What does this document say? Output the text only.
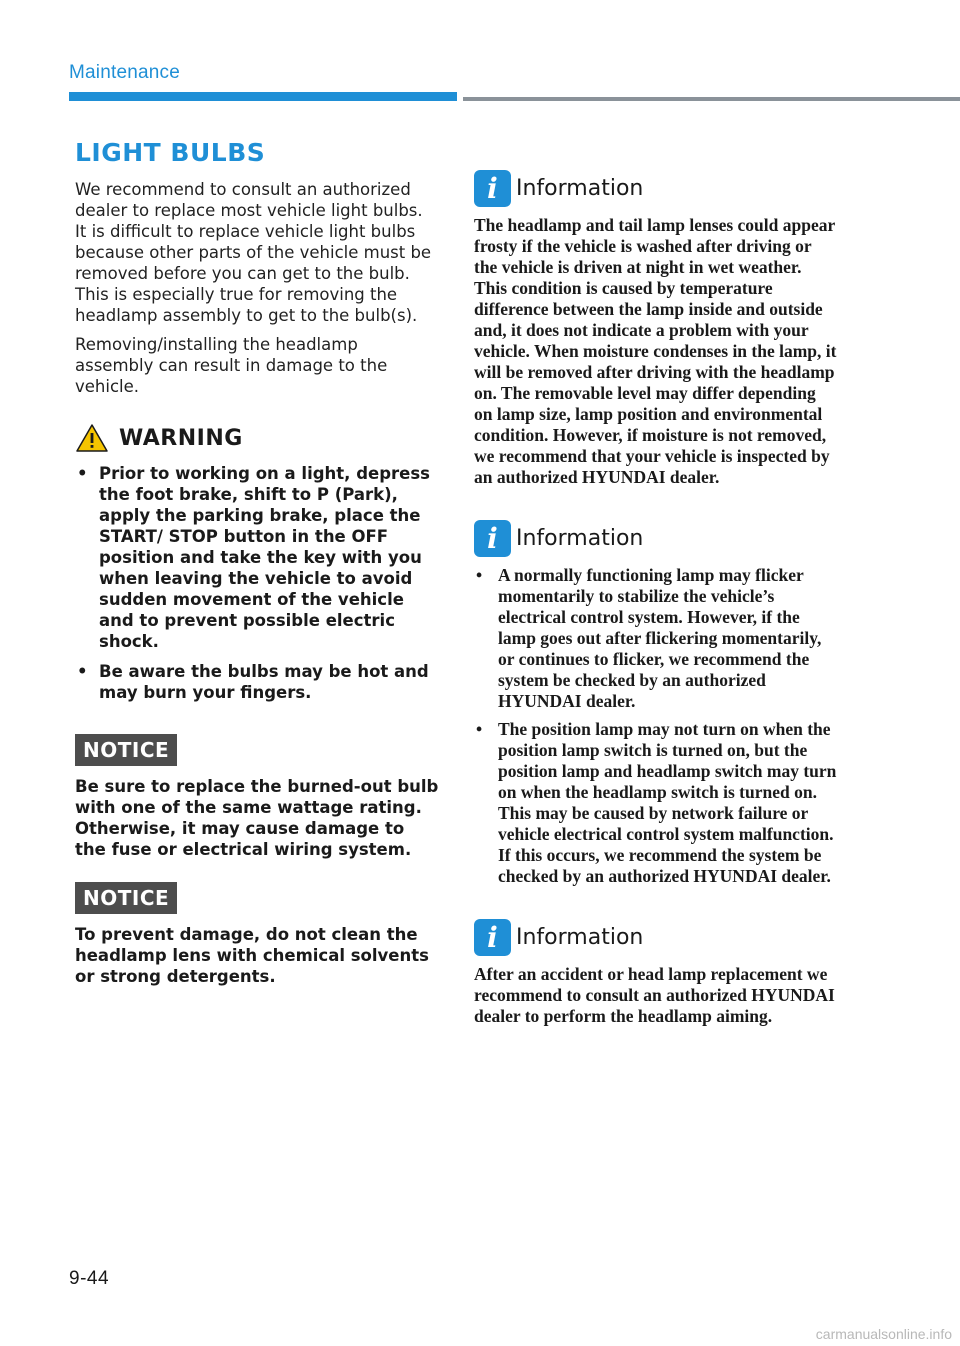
Maintenance
LIGHT BULBS

We recommend to consult an authorized dealer to replace most vehicle light bulbs. It is difficult to replace vehicle light bulbs because other parts of the vehicle must be removed before you can get to the bulb. This is especially true for removing the headlamp assembly to get to the bulb(s).

Removing/installing the headlamp assembly can result in damage to the vehicle.

WARNING
• Prior to working on a light, depress the foot brake, shift to P (Park), apply the parking brake, place the START/ STOP button in the OFF position and take the key with you when leaving the vehicle to avoid sudden movement of the vehicle and to prevent possible electric shock.
• Be aware the bulbs may be hot and may burn your fingers.
NOTICE

Be sure to replace the burned-out bulb with one of the same wattage rating. Otherwise, it may cause damage to the fuse or electrical wiring system.

NOTICE

To prevent damage, do not clean the headlamp lens with chemical solvents or strong detergents.

i Information

The headlamp and tail lamp lenses could appear frosty if the vehicle is washed after driving or the vehicle is driven at night in wet weather. This condition is caused by temperature difference between the lamp inside and outside and, it does not indicate a problem with your vehicle. When moisture condenses in the lamp, it will be removed after driving with the headlamp on. The removable level may differ depending on lamp size, lamp position and environmental condition. However, if moisture is not removed, we recommend that your vehicle is inspected by an authorized HYUNDAI dealer.

i Information
• A normally functioning lamp may flicker momentarily to stabilize the vehicle’s electrical control system. However, if the lamp goes out after flickering momentarily, or continues to flicker, we recommend the system be checked by an authorized HYUNDAI dealer.
• The position lamp may not turn on when the position lamp switch is turned on, but the position lamp and headlamp switch may turn on when the headlamp switch is turned on. This may be caused by network failure or vehicle electrical control system malfunction. If this occurs, we recommend the system be checked by an authorized HYUNDAI dealer.
i Information

After an accident or head lamp replacement we recommend to consult an authorized HYUNDAI dealer to perform the headlamp aiming.

9-44
carmanualsonline.info
